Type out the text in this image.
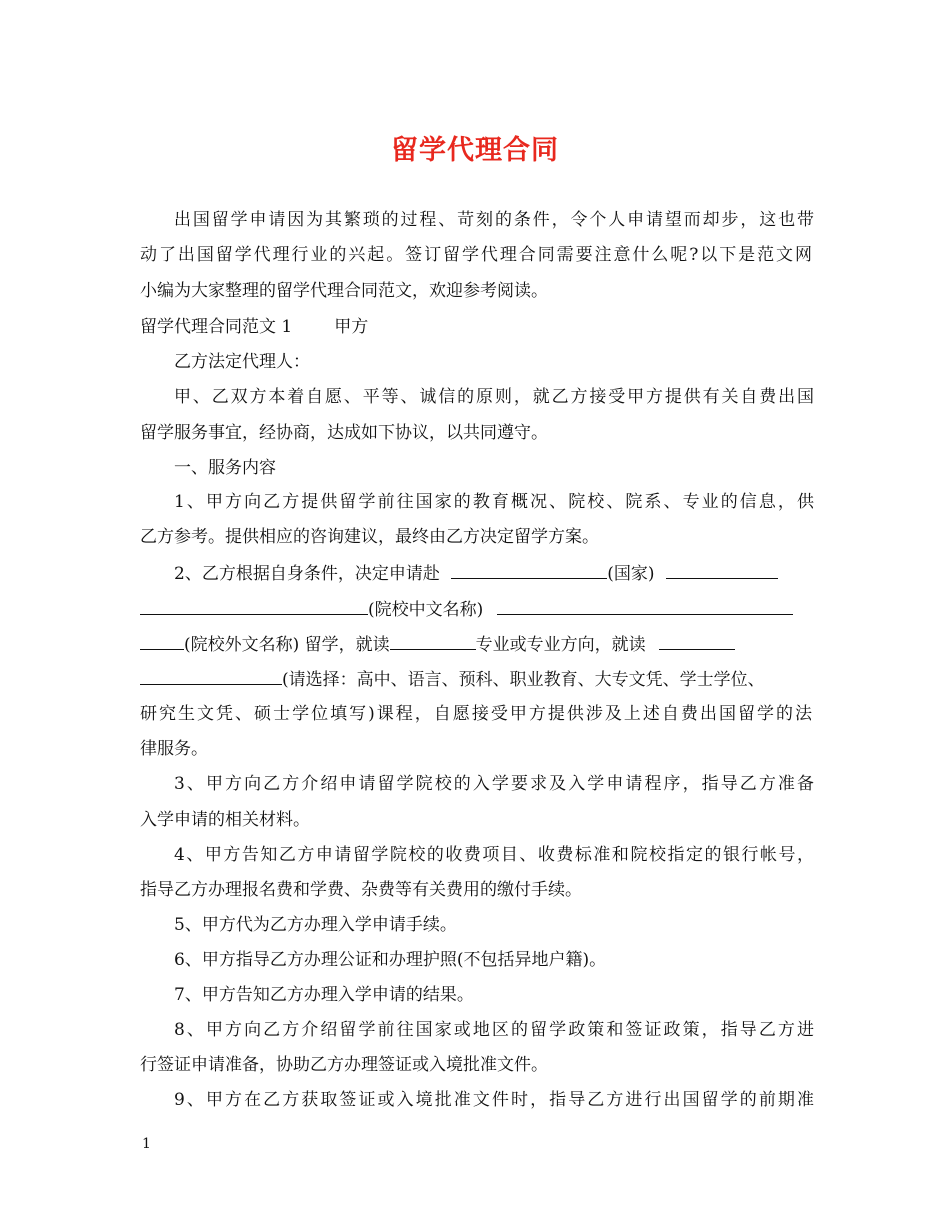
留学代理合同
出国留学申请因为其繁琐的过程、苛刻的条件，令个人申请望而却步，这也带
动了出国留学代理行业的兴起。签订留学代理合同需要注意什么呢?以下是范文网
小编为大家整理的留学代理合同范文，欢迎参考阅读。
留学代理合同范文 1 甲方
乙方法定代理人：
甲、乙双方本着自愿、平等、诚信的原则，就乙方接受甲方提供有关自费出国
留学服务事宜，经协商，达成如下协议，以共同遵守。
一、服务内容
1、甲方向乙方提供留学前往国家的教育概况、院校、院系、专业的信息，供
乙方参考。提供相应的咨询建议，最终由乙方决定留学方案。
2、乙方根据自身条件，决定申请赴	(国家)
(院校中文名称)
(院校外文名称) 留学，就读	专业或专业方向，就读
(请选择：高中、语言、预科、职业教育、大专文凭、学士学位、
研究生文凭、硕士学位填写)课程，自愿接受甲方提供涉及上述自费出国留学的法
律服务。
3、甲方向乙方介绍申请留学院校的入学要求及入学申请程序，指导乙方准备
入学申请的相关材料。
4、甲方告知乙方申请留学院校的收费项目、收费标准和院校指定的银行帐号，
指导乙方办理报名费和学费、杂费等有关费用的缴付手续。
5、甲方代为乙方办理入学申请手续。
6、甲方指导乙方办理公证和办理护照(不包括异地户籍)。
7、甲方告知乙方办理入学申请的结果。
8、甲方向乙方介绍留学前往国家或地区的留学政策和签证政策，指导乙方进
行签证申请准备，协助乙方办理签证或入境批准文件。
9、甲方在乙方获取签证或入境批准文件时，指导乙方进行出国留学的前期准
1
